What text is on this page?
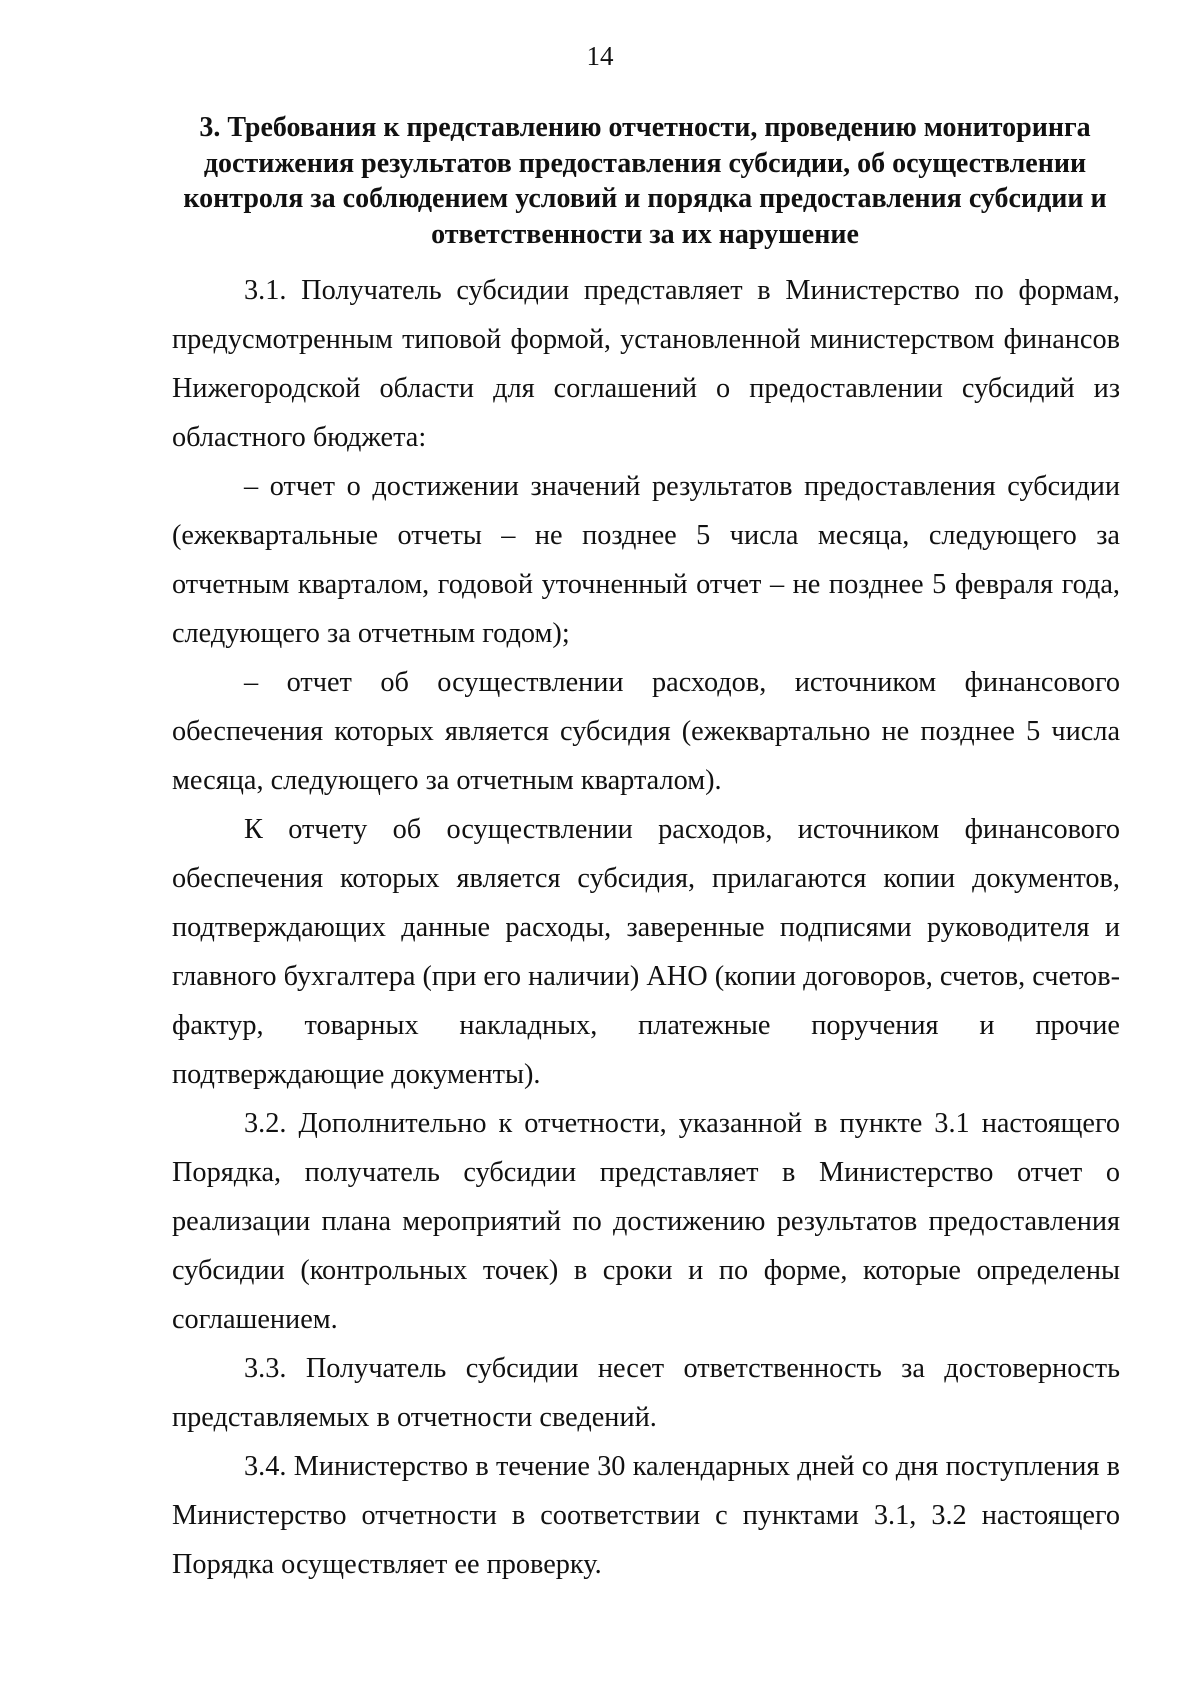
14
3. Требования к представлению отчетности, проведению мониторинга достижения результатов предоставления субсидии, об осуществлении контроля за соблюдением условий и порядка предоставления субсидии и ответственности за их нарушение

3.1. Получатель субсидии представляет в Министерство по формам, предусмотренным типовой формой, установленной министерством финансов Нижегородской области для соглашений о предоставлении субсидий из областного бюджета:

– отчет о достижении значений результатов предоставления субсидии (ежеквартальные отчеты – не позднее 5 числа месяца, следующего за отчетным кварталом, годовой уточненный отчет – не позднее 5 февраля года, следующего за отчетным годом);

– отчет об осуществлении расходов, источником финансового обеспечения которых является субсидия (ежеквартально не позднее 5 числа месяца, следующего за отчетным кварталом).

К отчету об осуществлении расходов, источником финансового обеспечения которых является субсидия, прилагаются копии документов, подтверждающих данные расходы, заверенные подписями руководителя и главного бухгалтера (при его наличии) АНО (копии договоров, счетов, счетов-фактур, товарных накладных, платежные поручения и прочие подтверждающие документы).

3.2. Дополнительно к отчетности, указанной в пункте 3.1 настоящего Порядка, получатель субсидии представляет в Министерство отчет о реализации плана мероприятий по достижению результатов предоставления субсидии (контрольных точек) в сроки и по форме, которые определены соглашением.

3.3. Получатель субсидии несет ответственность за достоверность представляемых в отчетности сведений.

3.4. Министерство в течение 30 календарных дней со дня поступления в Министерство отчетности в соответствии с пунктами 3.1, 3.2 настоящего Порядка осуществляет ее проверку.
